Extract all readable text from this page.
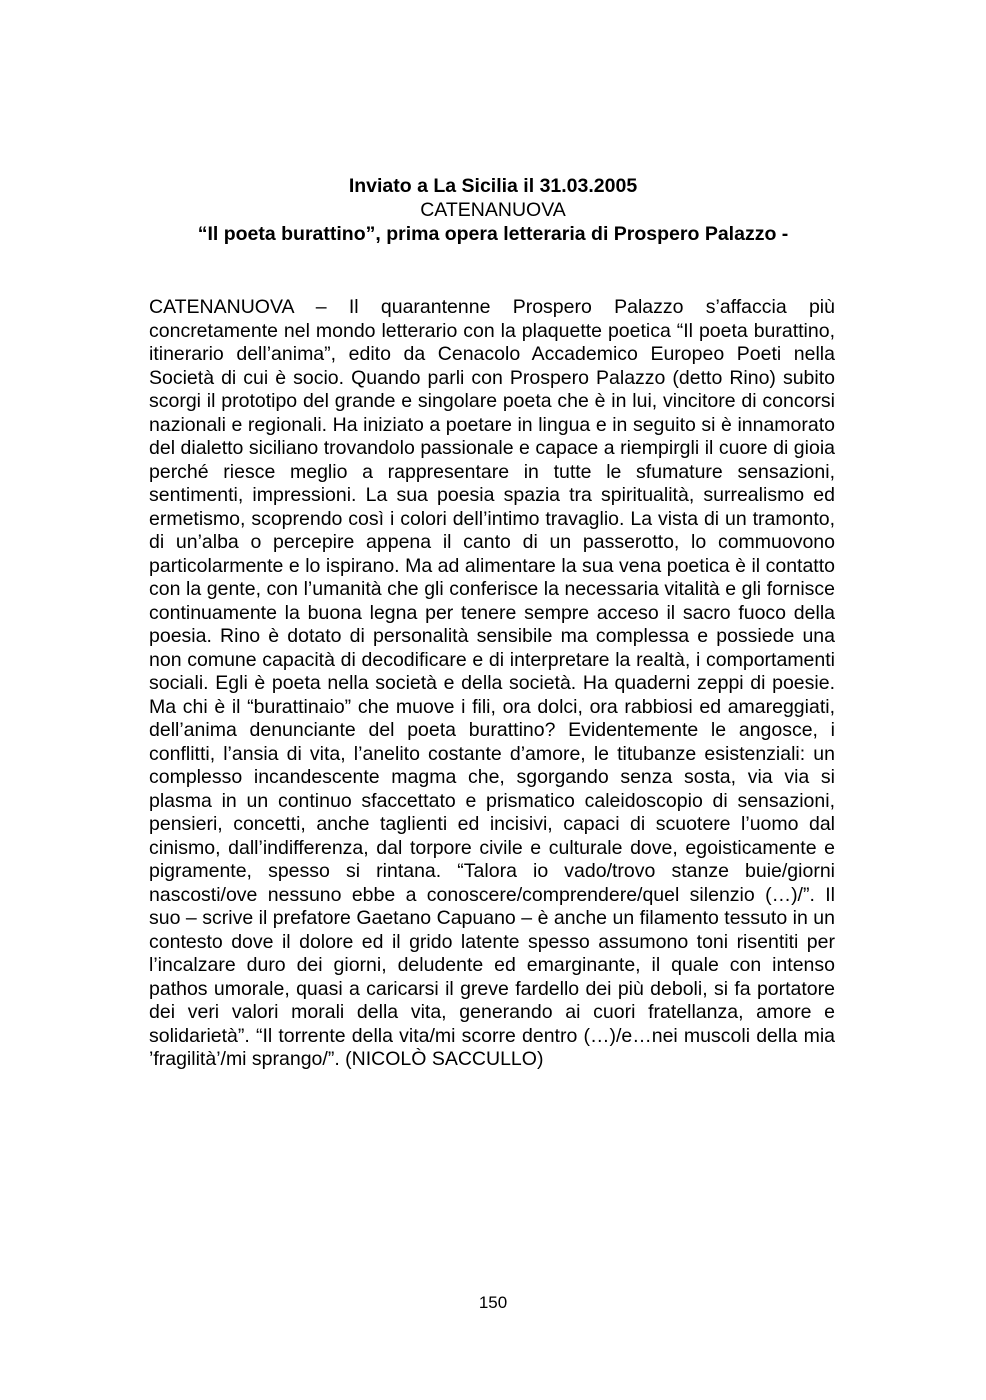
Inviato a La Sicilia il 31.03.2005
CATENANUOVA
“Il poeta burattino”, prima opera letteraria di Prospero Palazzo -

CATENANUOVA – Il quarantenne Prospero Palazzo s’affaccia più concretamente nel mondo letterario con la plaquette poetica “Il poeta burattino, itinerario dell’anima”, edito da Cenacolo Accademico Europeo Poeti nella Società di cui è socio. Quando parli con Prospero Palazzo (detto Rino) subito scorgi il prototipo del grande e singolare poeta che è in lui, vincitore di concorsi nazionali e regionali. Ha iniziato a poetare in lingua e in seguito si è innamorato del dialetto siciliano trovandolo passionale e capace a riempirgli il cuore di gioia perché riesce meglio a rappresentare in tutte le sfumature sensazioni, sentimenti, impressioni. La sua poesia spazia tra spiritualità, surrealismo ed ermetismo, scoprendo così i colori dell’intimo travaglio. La vista di un tramonto, di un’alba o percepire appena il canto di un passerotto, lo commuovono particolarmente e lo ispirano. Ma ad alimentare la sua vena poetica è il contatto con la gente, con l’umanità che gli conferisce la necessaria vitalità e gli fornisce continuamente la buona legna per tenere sempre acceso il sacro fuoco della poesia. Rino è dotato di personalità sensibile ma complessa e possiede una non comune capacità di decodificare e di interpretare la realtà, i comportamenti sociali. Egli è poeta nella società e della società. Ha quaderni zeppi di poesie. Ma chi è il “burattinaio” che muove i fili, ora dolci, ora rabbiosi ed amareggiati, dell’anima denunciante del poeta burattino? Evidentemente le angosce, i conflitti, l’ansia di vita, l’anelito costante d’amore, le titubanze esistenziali: un complesso incandescente magma che, sgorgando senza sosta, via via si plasma in un continuo sfaccettato e prismatico caleidoscopio di sensazioni, pensieri, concetti, anche taglienti ed incisivi, capaci di scuotere l’uomo dal cinismo, dall’indifferenza, dal torpore civile e culturale dove, egoisticamente e pigramente, spesso si rintana. “Talora io vado/trovo stanze buie/giorni nascosti/ove nessuno ebbe a conoscere/comprendere/quel silenzio (…)/”. Il suo – scrive il prefatore Gaetano Capuano – è anche un filamento tessuto in un contesto dove il dolore ed il grido latente spesso assumono toni risentiti per l’incalzare duro dei giorni, deludente ed emarginante, il quale con intenso pathos umorale, quasi a caricarsi il greve fardello dei più deboli, si fa portatore dei veri valori morali della vita, generando ai cuori fratellanza, amore e solidarietà”. “Il torrente della vita/mi scorre dentro (…)/e…nei muscoli della mia ’fragilità’/mi sprango/”. (NICOLÒ SACCULLO)

150
